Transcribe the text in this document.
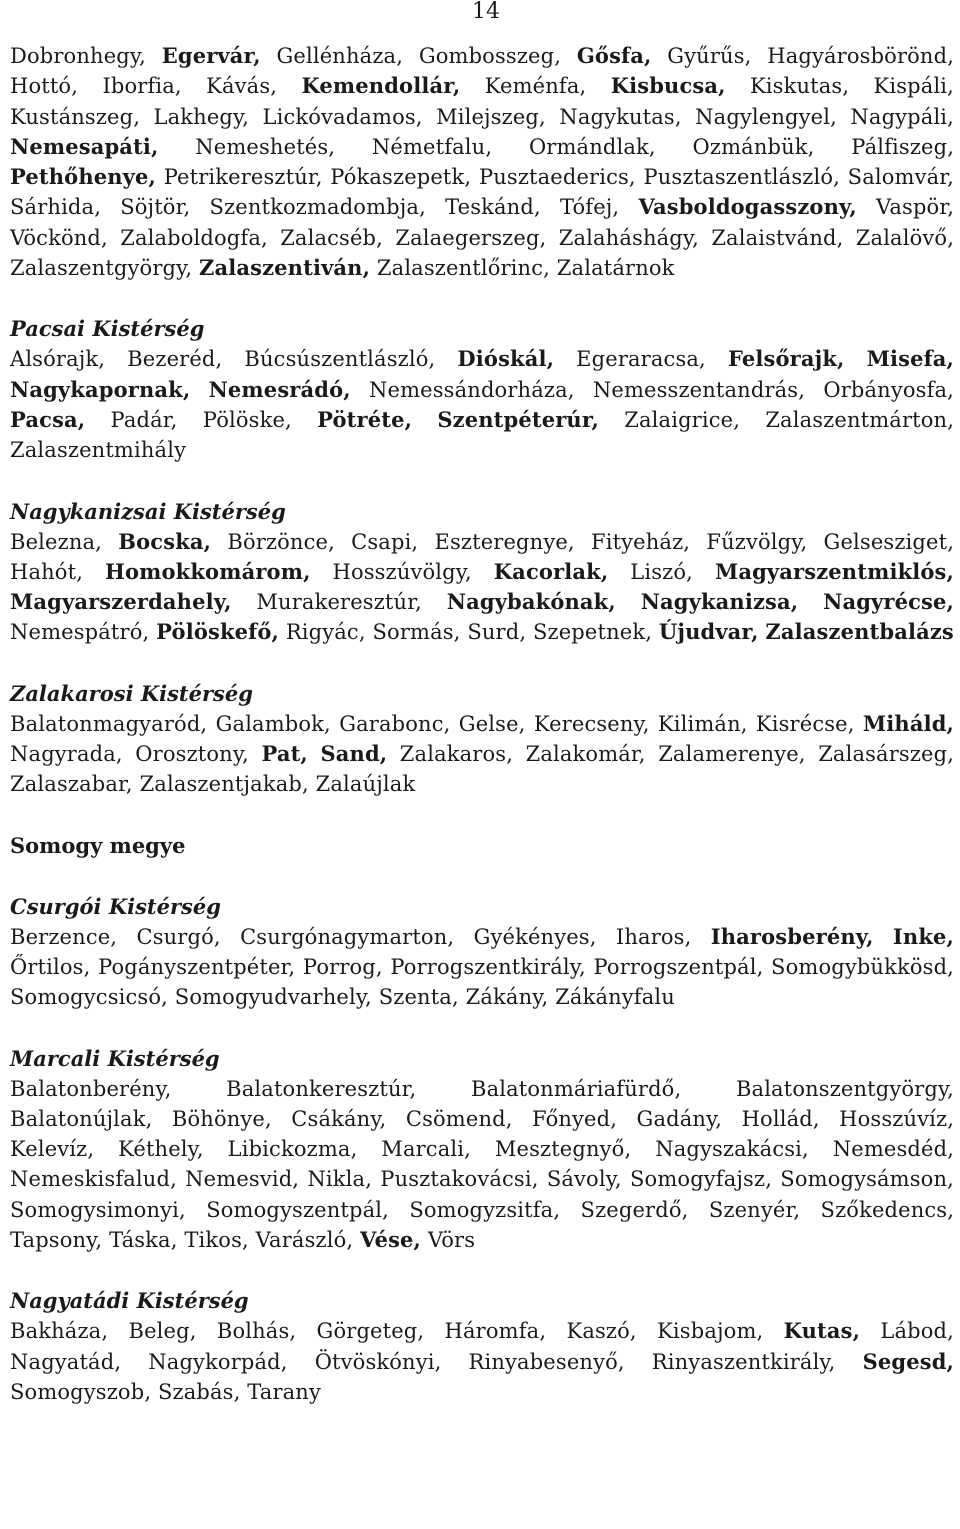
14

Dobronhegy, Egervár, Gellénháza, Gombosszeg, Gősfa, Gyűrűs, Hagyárosbörönd, Hottó, Iborfia, Kávás, Kemendollár, Keménfa, Kisbucsa, Kiskutas, Kispáli, Kustánszeg, Lakhegy, Lickóvadamos, Milejszeg, Nagykutas, Nagylengyel, Nagypáli, Nemesapáti, Nemeshetés, Németfalu, Ormándlak, Ozmánbük, Pálfiszeg, Pethőhenye, Petrikeresztúr, Pókaszepetk, Pusztaederics, Pusztaszentlászló, Salomvár, Sárhida, Söjtör, Szentkozmadombja, Teskánd, Tófej, Vasboldogasszony, Vaspör, Vöckönd, Zalaboldogfa, Zalacséb, Zalaegerszeg, Zalaháshágy, Zalaistvánd, Zalalövő, Zalaszentgyörgy, Zalaszentiván, Zalaszentlőrinc, Zalatárnok

Pacsai Kistérség

Alsórajk, Bezeréd, Búcsúszentlászló, Dióskál, Egeraracsa, Felsőrajk, Misefa, Nagykapornak, Nemesrádó, Nemessándorháza, Nemesszentandrás, Orbányosfa, Pacsa, Padár, Pölöske, Pötréte, Szentpéterúr, Zalaigrice, Zalaszentmárton, Zalaszentmihály

Nagykanizsai Kistérség

Belezna, Bocska, Börzönce, Csapi, Eszteregnye, Fityeház, Fűzvölgy, Gelsesziget, Hahót, Homokkomárom, Hosszúvölgy, Kacorlak, Liszó, Magyarszentmiklós, Magyarszerdahely, Murakeresztúr, Nagybakónak, Nagykanizsa, Nagyrécse, Nemespátró, Pölöskefő, Rigyác, Sormás, Surd, Szepetnek, Újudvar, Zalaszentbalázs

Zalakarosi Kistérség

Balatonmagyaród, Galambok, Garabonc, Gelse, Kerecseny, Kilimán, Kisrécse, Miháld, Nagyrada, Orosztony, Pat, Sand, Zalakaros, Zalakomár, Zalamerenye, Zalasárszeg, Zalaszabar, Zalaszentjakab, Zalaújlak

Somogy megye
Csurgói Kistérség

Berzence, Csurgó, Csurgónagymarton, Gyékényes, Iharos, Iharosberény, Inke, Őrtilos, Pogányszentpéter, Porrog, Porrogszentkirály, Porrogszentpál, Somogybükkösd, Somogycsicsó, Somogyudvarhely, Szenta, Zákány, Zákányfalu

Marcali Kistérség

Balatonberény,	Balatonkeresztúr,	Balatonmáriafürdő,	Balatonszentgyörgy, Balatonújlak, Böhönye, Csákány, Csömend, Főnyed, Gadány, Hollád, Hosszúvíz, Kelevíz, Kéthely, Libickozma, Marcali, Mesztegnyő, Nagyszakácsi, Nemesdéd, Nemeskisfalud, Nemesvid, Nikla, Pusztakovácsi, Sávoly, Somogyfajsz, Somogysámson, Somogysimonyi, Somogyszentpál, Somogyzsitfa, Szegerdő, Szenyér, Szőkedencs, Tapsony, Táska, Tikos, Varászló, Vése, Vörs

Nagyatádi Kistérség

Bakháza, Beleg, Bolhás, Görgeteg, Háromfa, Kaszó, Kisbajom, Kutas, Lábod, Nagyatád, Nagykorpád, Ötvöskónyi, Rinyabesenyő, Rinyaszentkirály, Segesd, Somogyszob, Szabás, Tarany
